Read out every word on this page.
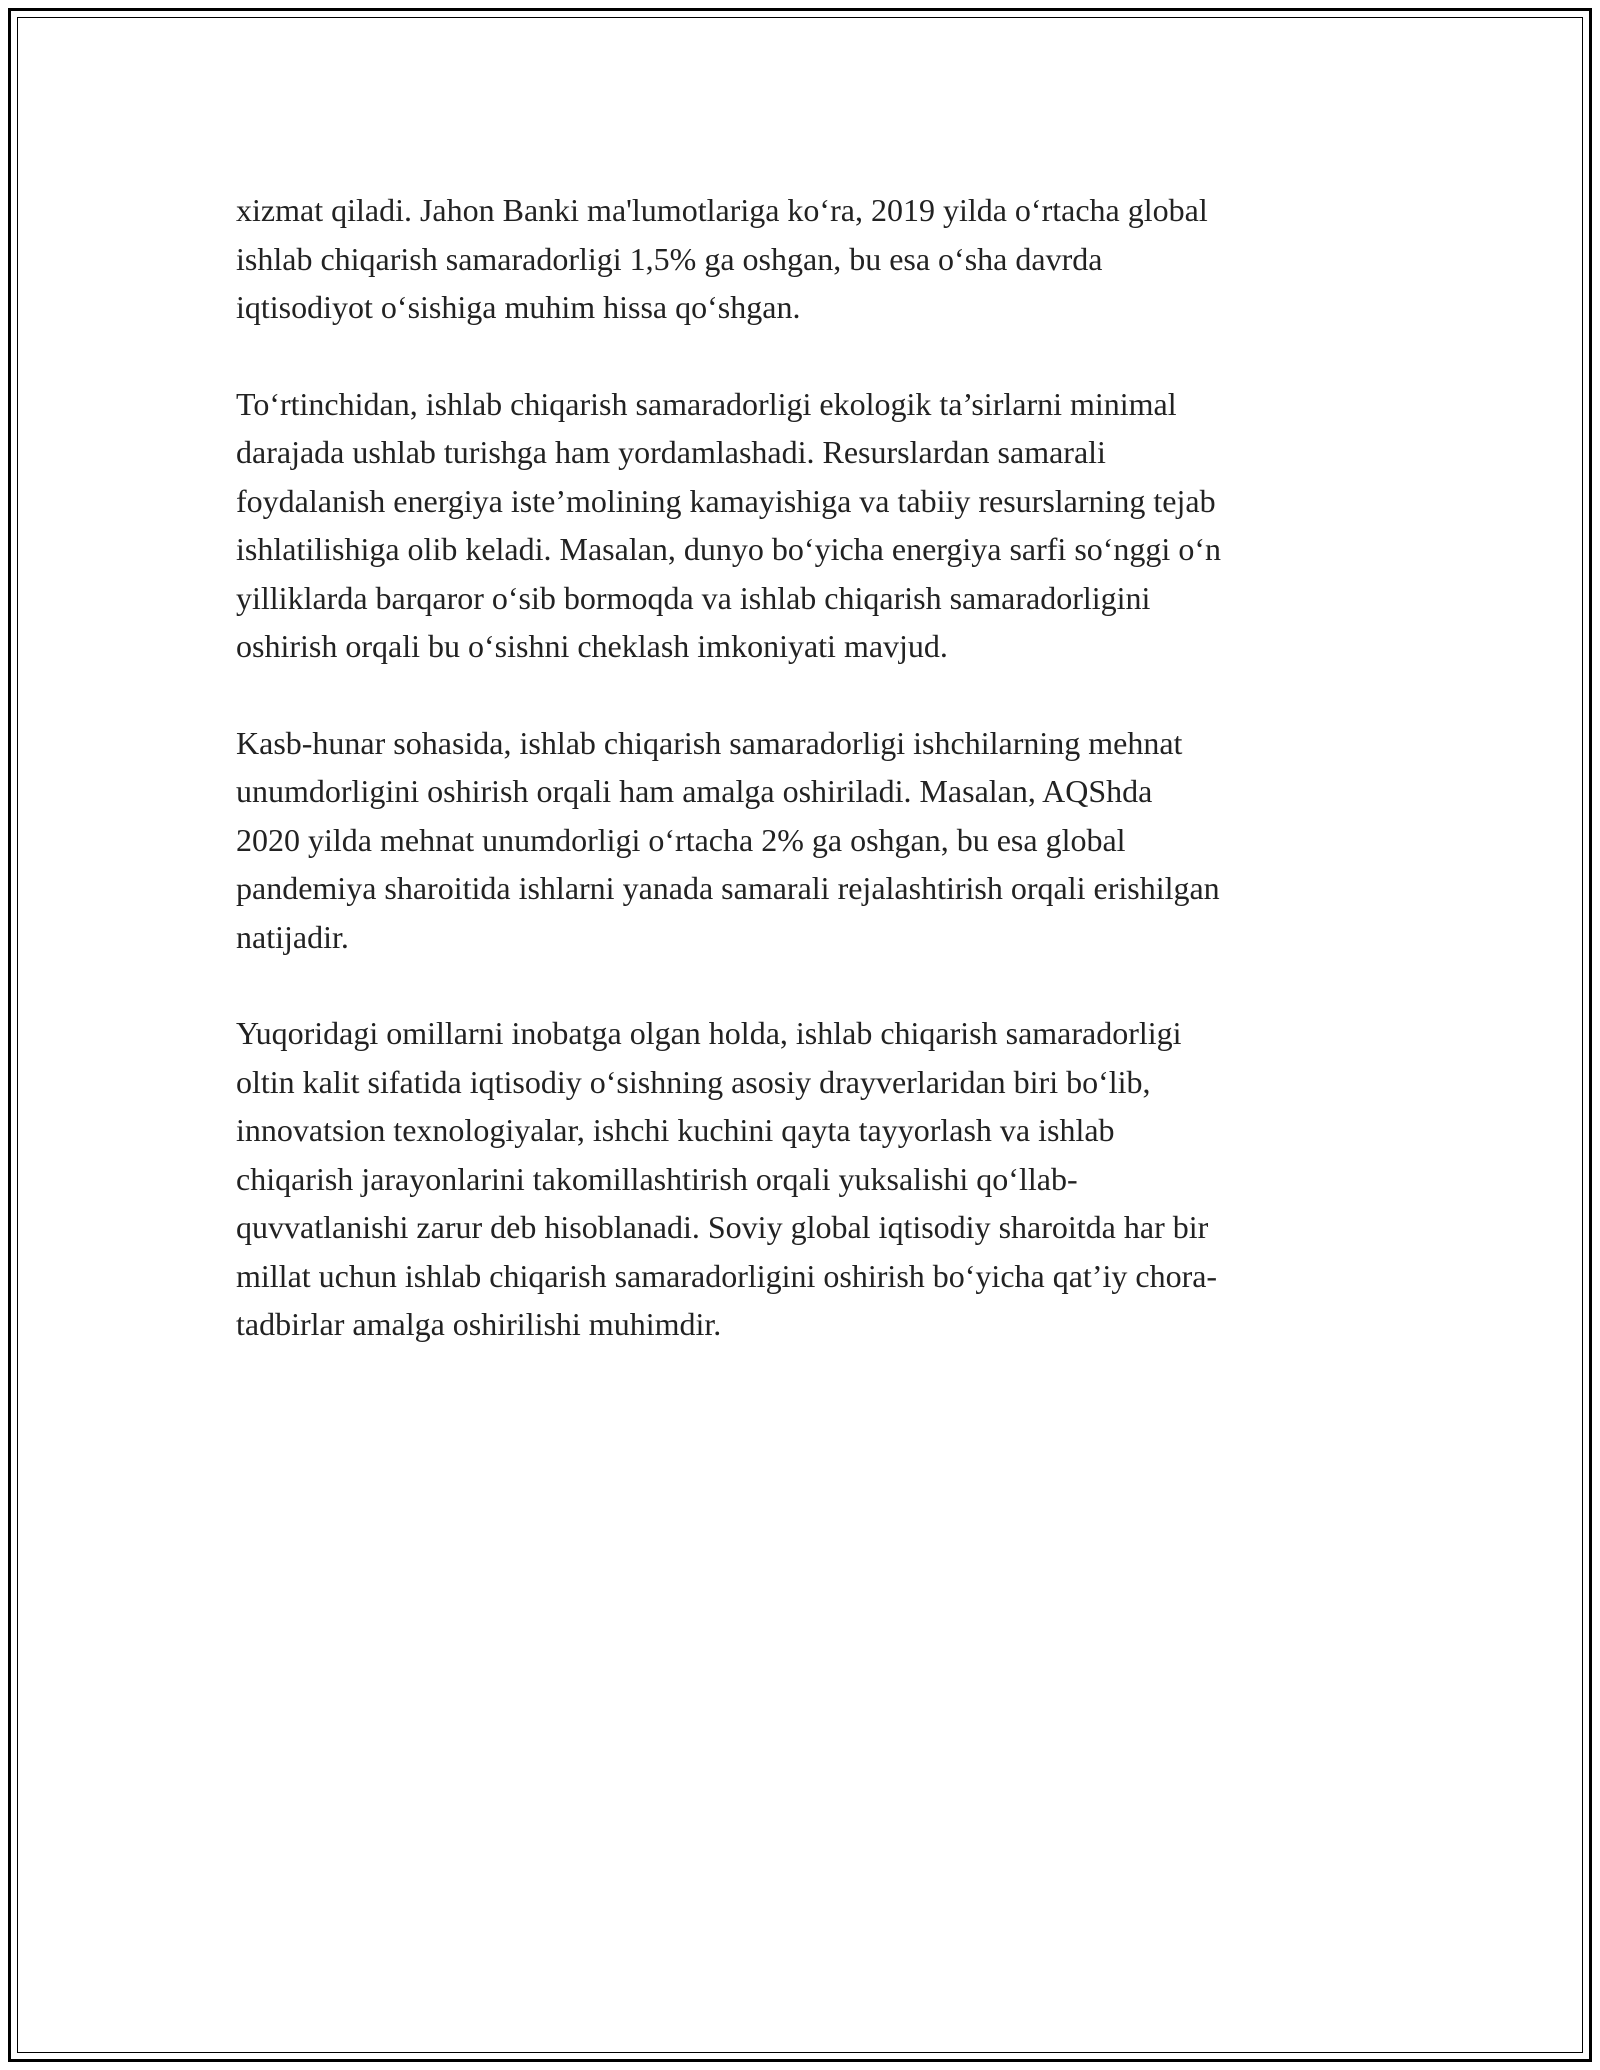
xizmat qiladi. Jahon Banki ma'lumotlariga ko‘ra, 2019 yilda o‘rtacha global
ishlab chiqarish samaradorligi 1,5% ga oshgan, bu esa o‘sha davrda
iqtisodiyot o‘sishiga muhim hissa qo‘shgan.

To‘rtinchidan, ishlab chiqarish samaradorligi ekologik ta’sirlarni minimal
darajada ushlab turishga ham yordamlashadi. Resurslardan samarali
foydalanish energiya iste’molining kamayishiga va tabiiy resurslarning tejab
ishlatilishiga olib keladi. Masalan, dunyo bo‘yicha energiya sarfi so‘nggi o‘n
yilliklarda barqaror o‘sib bormoqda va ishlab chiqarish samaradorligini
oshirish orqali bu o‘sishni cheklash imkoniyati mavjud.

Kasb-hunar sohasida, ishlab chiqarish samaradorligi ishchilarning mehnat
unumdorligini oshirish orqali ham amalga oshiriladi. Masalan, AQShda
2020 yilda mehnat unumdorligi o‘rtacha 2% ga oshgan, bu esa global
pandemiya sharoitida ishlarni yanada samarali rejalashtirish orqali erishilgan
natijadir.

Yuqoridagi omillarni inobatga olgan holda, ishlab chiqarish samaradorligi
oltin kalit sifatida iqtisodiy o‘sishning asosiy drayverlaridan biri bo‘lib,
innovatsion texnologiyalar, ishchi kuchini qayta tayyorlash va ishlab
chiqarish jarayonlarini takomillashtirish orqali yuksalishi qo‘llab-
quvvatlanishi zarur deb hisoblanadi. Soviy global iqtisodiy sharoitda har bir
millat uchun ishlab chiqarish samaradorligini oshirish bo‘yicha qat’iy chora-
tadbirlar amalga oshirilishi muhimdir.
